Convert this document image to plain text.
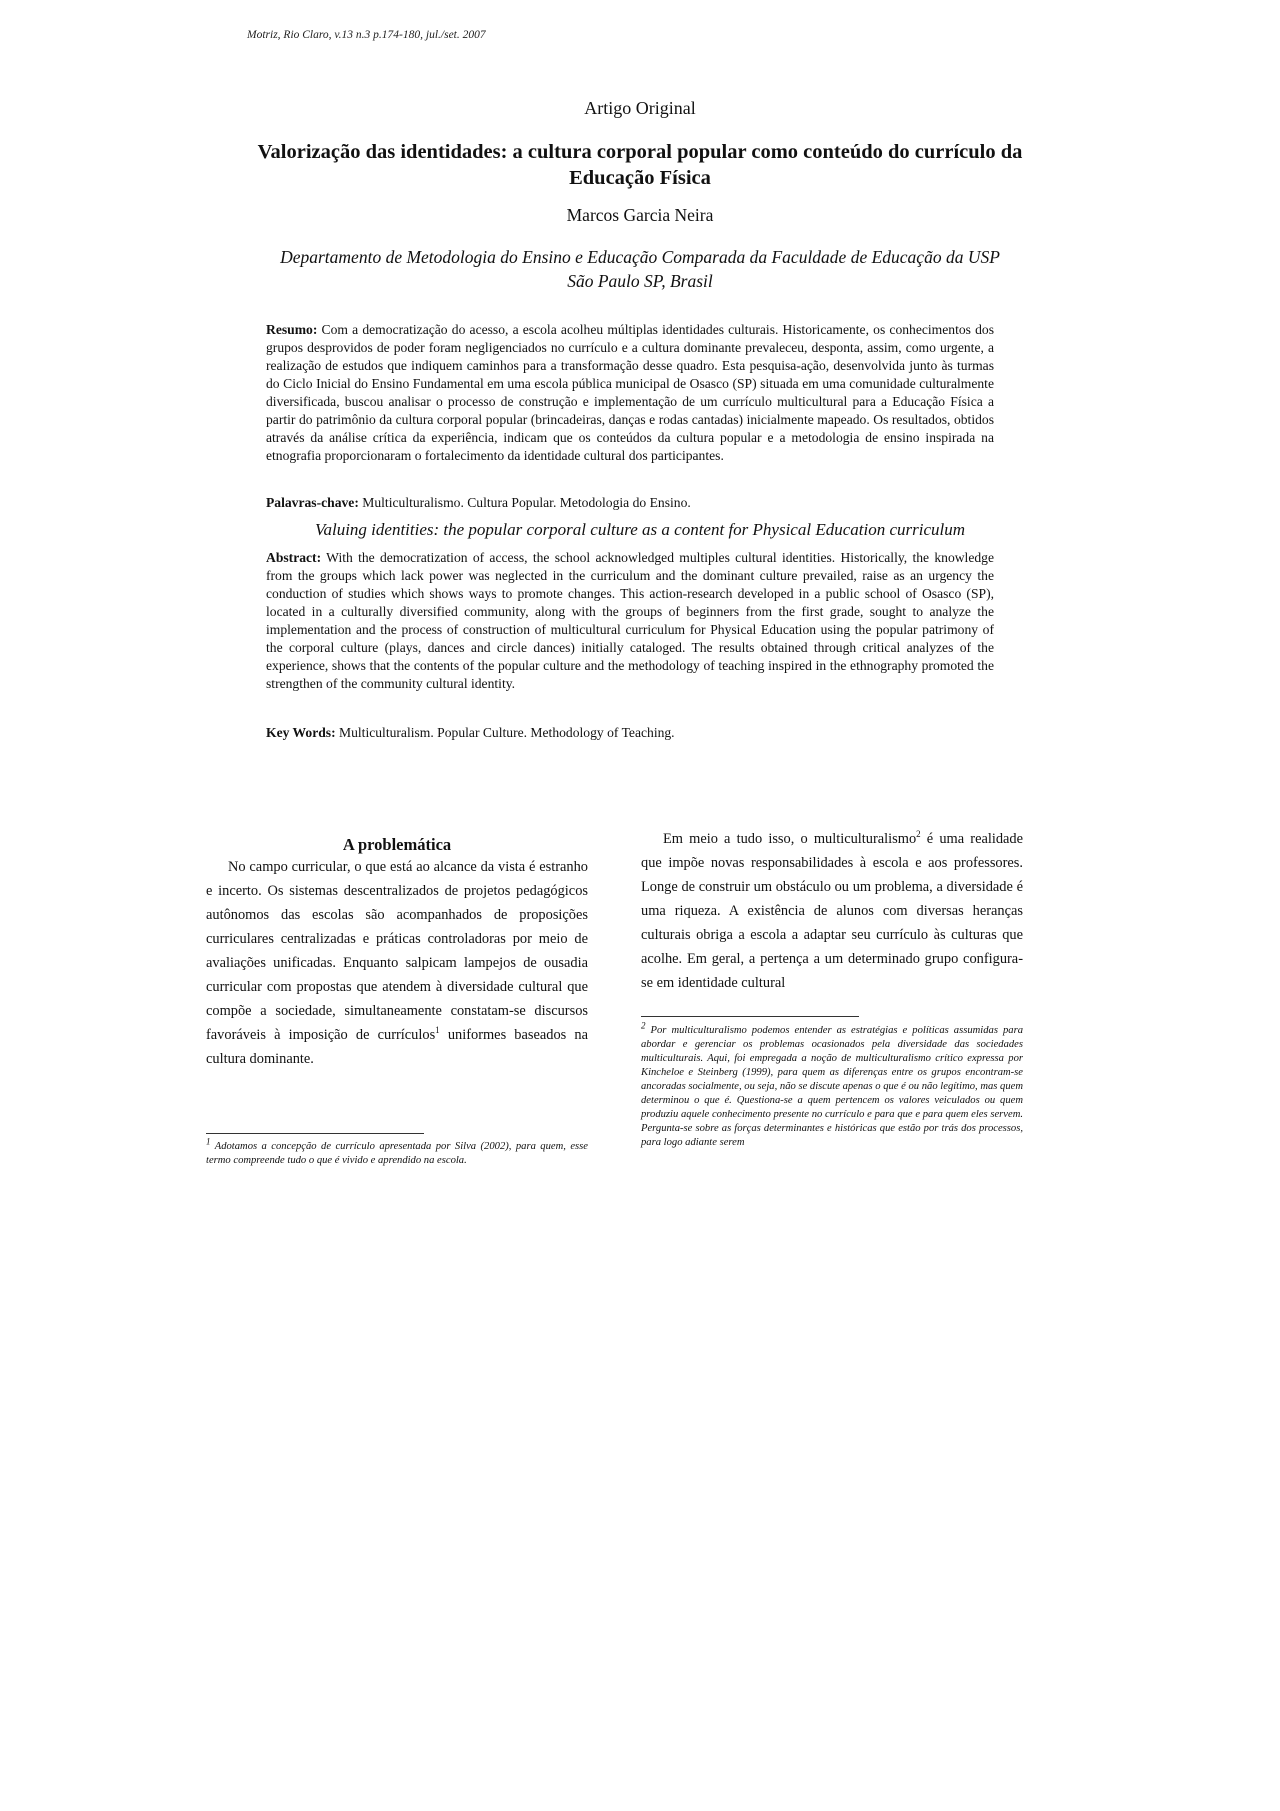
Motriz, Rio Claro, v.13 n.3 p.174-180, jul./set. 2007
Artigo Original
Valorização das identidades: a cultura corporal popular como conteúdo do currículo da Educação Física
Marcos Garcia Neira
Departamento de Metodologia do Ensino e Educação Comparada da Faculdade de Educação da USP
São Paulo SP, Brasil
Resumo: Com a democratização do acesso, a escola acolheu múltiplas identidades culturais. Historicamente, os conhecimentos dos grupos desprovidos de poder foram negligenciados no currículo e a cultura dominante prevaleceu, desponta, assim, como urgente, a realização de estudos que indiquem caminhos para a transformação desse quadro. Esta pesquisa-ação, desenvolvida junto às turmas do Ciclo Inicial do Ensino Fundamental em uma escola pública municipal de Osasco (SP) situada em uma comunidade culturalmente diversificada, buscou analisar o processo de construção e implementação de um currículo multicultural para a Educação Física a partir do patrimônio da cultura corporal popular (brincadeiras, danças e rodas cantadas) inicialmente mapeado. Os resultados, obtidos através da análise crítica da experiência, indicam que os conteúdos da cultura popular e a metodologia de ensino inspirada na etnografia proporcionaram o fortalecimento da identidade cultural dos participantes.
Palavras-chave: Multiculturalismo. Cultura Popular. Metodologia do Ensino.
Valuing identities: the popular corporal culture as a content for Physical Education curriculum
Abstract: With the democratization of access, the school acknowledged multiples cultural identities. Historically, the knowledge from the groups which lack power was neglected in the curriculum and the dominant culture prevailed, raise as an urgency the conduction of studies which shows ways to promote changes. This action-research developed in a public school of Osasco (SP), located in a culturally diversified community, along with the groups of beginners from the first grade, sought to analyze the implementation and the process of construction of multicultural curriculum for Physical Education using the popular patrimony of the corporal culture (plays, dances and circle dances) initially cataloged. The results obtained through critical analyzes of the experience, shows that the contents of the popular culture and the methodology of teaching inspired in the ethnography promoted the strengthen of the community cultural identity.
Key Words: Multiculturalism. Popular Culture. Methodology of Teaching.
A problemática

No campo curricular, o que está ao alcance da vista é estranho e incerto. Os sistemas descentralizados de projetos pedagógicos autônomos das escolas são acompanhados de proposições curriculares centralizadas e práticas controladoras por meio de avaliações unificadas. Enquanto salpicam lampejos de ousadia curricular com propostas que atendem à diversidade cultural que compõe a sociedade, simultaneamente constatam-se discursos favoráveis à imposição de currículos$^1$ uniformes baseados na cultura dominante.

Em meio a tudo isso, o multiculturalismo$^2$ é uma realidade que impõe novas responsabilidades à escola e aos professores. Longe de construir um obstáculo ou um problema, a diversidade é uma riqueza. A existência de alunos com diversas heranças culturais obriga a escola a adaptar seu currículo às culturas que acolhe. Em geral, a pertença a um determinado grupo configura-se em identidade cultural

$^1$ Adotamos a concepção de currículo apresentada por Silva (2002), para quem, esse termo compreende tudo o que é vivido e aprendido na escola.
$^2$ Por multiculturalismo podemos entender as estratégias e políticas assumidas para abordar e gerenciar os problemas ocasionados pela diversidade das sociedades multiculturais. Aqui, foi empregada a noção de multiculturalismo crítico expressa por Kincheloe e Steinberg (1999), para quem as diferenças entre os grupos encontram-se ancoradas socialmente, ou seja, não se discute apenas o que é ou não legítimo, mas quem determinou o que é. Questiona-se a quem pertencem os valores veiculados ou quem produziu aquele conhecimento presente no currículo e para que e para quem eles servem. Pergunta-se sobre as forças determinantes e históricas que estão por trás dos processos, para logo adiante serem
